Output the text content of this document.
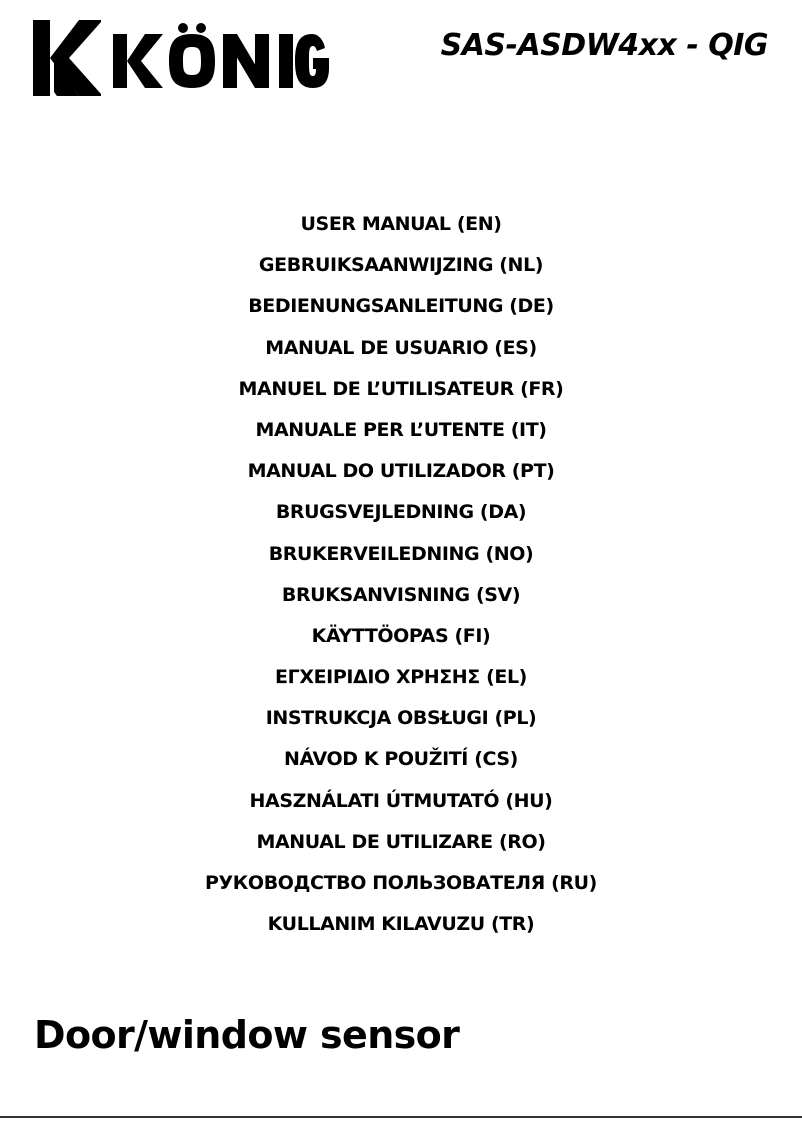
SAS-ASDW4xx - QIG
USER MANUAL (EN)
GEBRUIKSAANWIJZING (NL)
BEDIENUNGSANLEITUNG (DE)
MANUAL DE USUARIO (ES)
MANUEL DE L’UTILISATEUR (FR)
MANUALE PER L’UTENTE (IT)
MANUAL DO UTILIZADOR (PT)
BRUGSVEJLEDNING (DA)
BRUKERVEILEDNING (NO)
BRUKSANVISNING (SV)
KÄYTTÖOPAS (FI)
ΕΓΧΕΙΡΙΔΙΟ ΧΡΗΣΗΣ (EL)
INSTRUKCJA OBSŁUGI (PL)
NÁVOD K POUŽITÍ (CS)
HASZNÁLATI ÚTMUTATÓ (HU)
MANUAL DE UTILIZARE (RO)
РУКОВОДСТВО ПОЛЬЗОВАТЕЛЯ (RU)
KULLANIM KILAVUZU (TR)
Door/window sensor
